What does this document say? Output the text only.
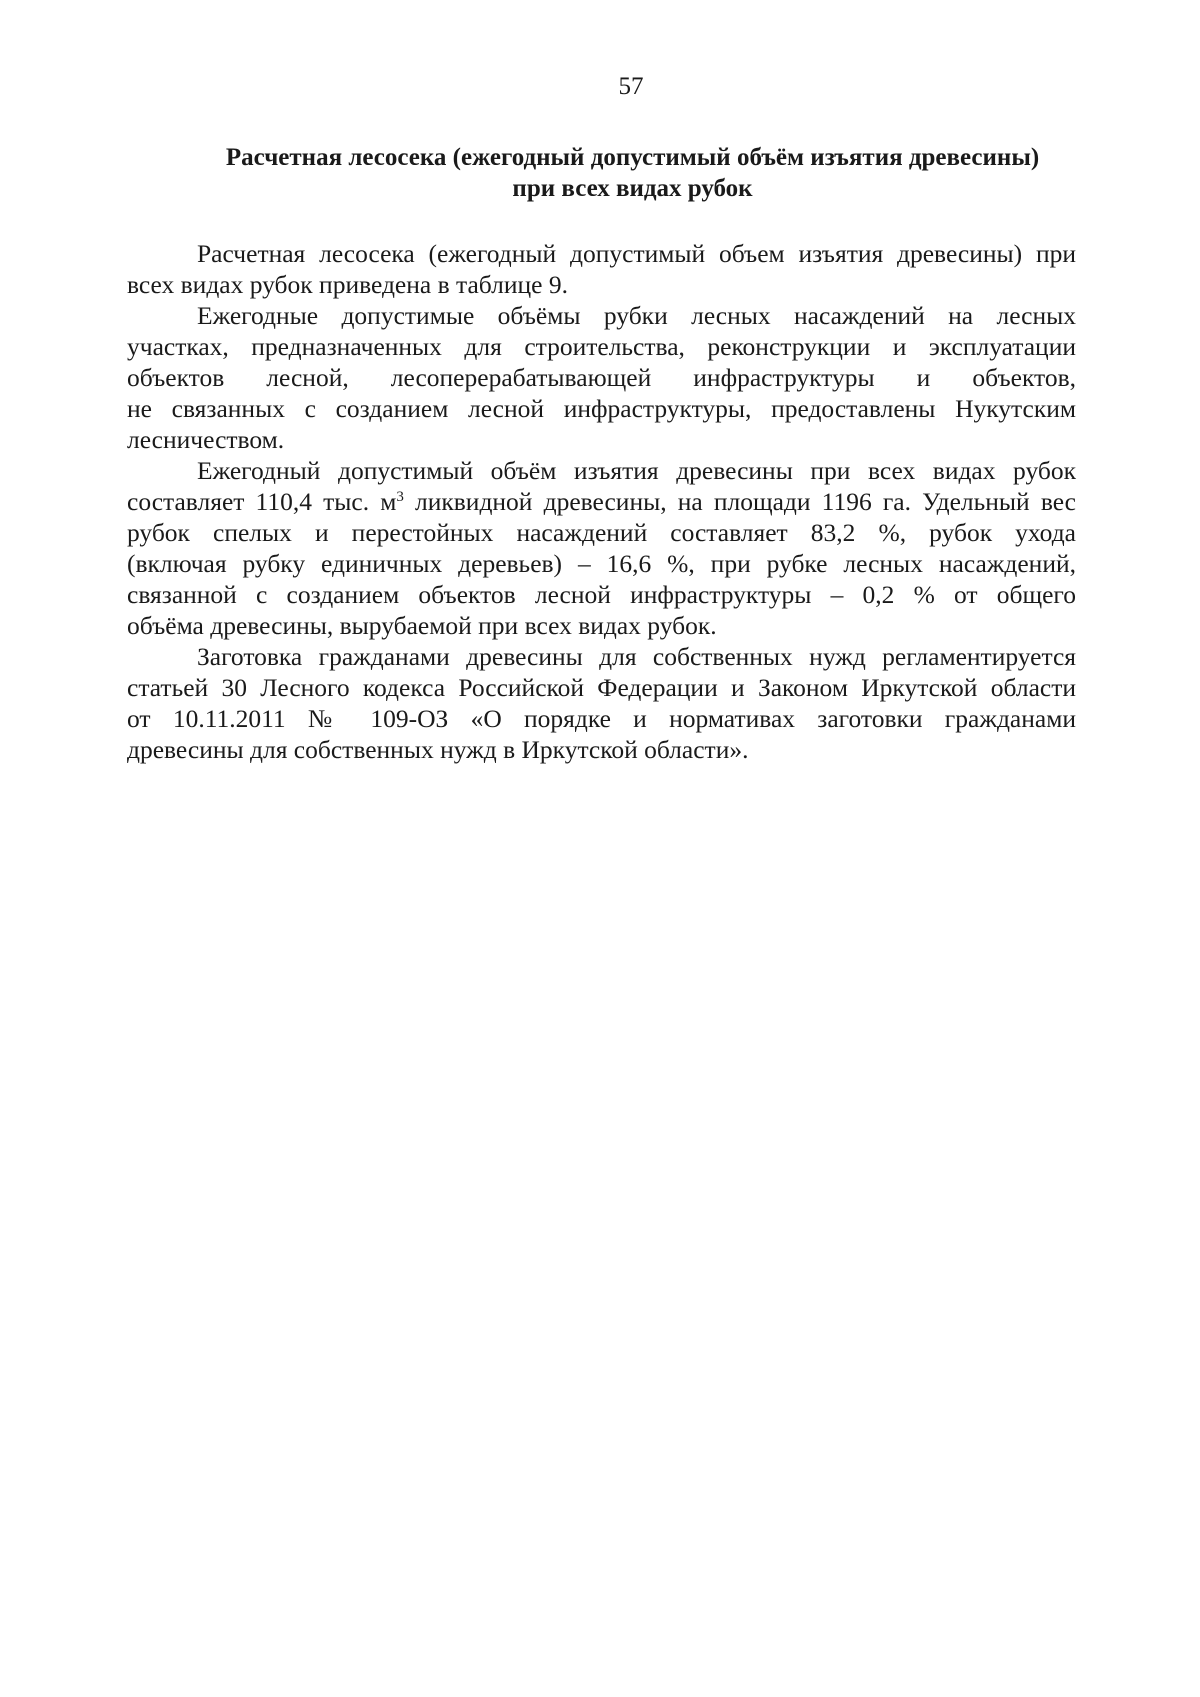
57
Расчетная лесосека (ежегодный допустимый объём изъятия древесины)
при всех видах рубок
Расчетная лесосека (ежегодный допустимый объем изъятия древесины) при
всех видах рубок приведена в таблице 9.
Ежегодные допустимые объёмы рубки лесных насаждений на лесных
участках, предназначенных для строительства, реконструкции и эксплуатации
объектов лесной, лесоперерабатывающей инфраструктуры и объектов,
не связанных с созданием лесной инфраструктуры, предоставлены Нукутским
лесничеством.
Ежегодный допустимый объём изъятия древесины при всех видах рубок
составляет 110,4 тыс. $м^3$ ликвидной древесины, на площади 1196 га. Удельный вес
рубок спелых и перестойных насаждений составляет 83,2 %, рубок ухода
(включая рубку единичных деревьев) – 16,6 %, при рубке лесных насаждений,
связанной с созданием объектов лесной инфраструктуры – 0,2 % от общего
объёма древесины, вырубаемой при всех видах рубок.
Заготовка гражданами древесины для собственных нужд регламентируется
статьей 30 Лесного кодекса Российской Федерации и Законом Иркутской области
от 10.11.2011 № 109-ОЗ «О порядке и нормативах заготовки гражданами
древесины для собственных нужд в Иркутской области».
